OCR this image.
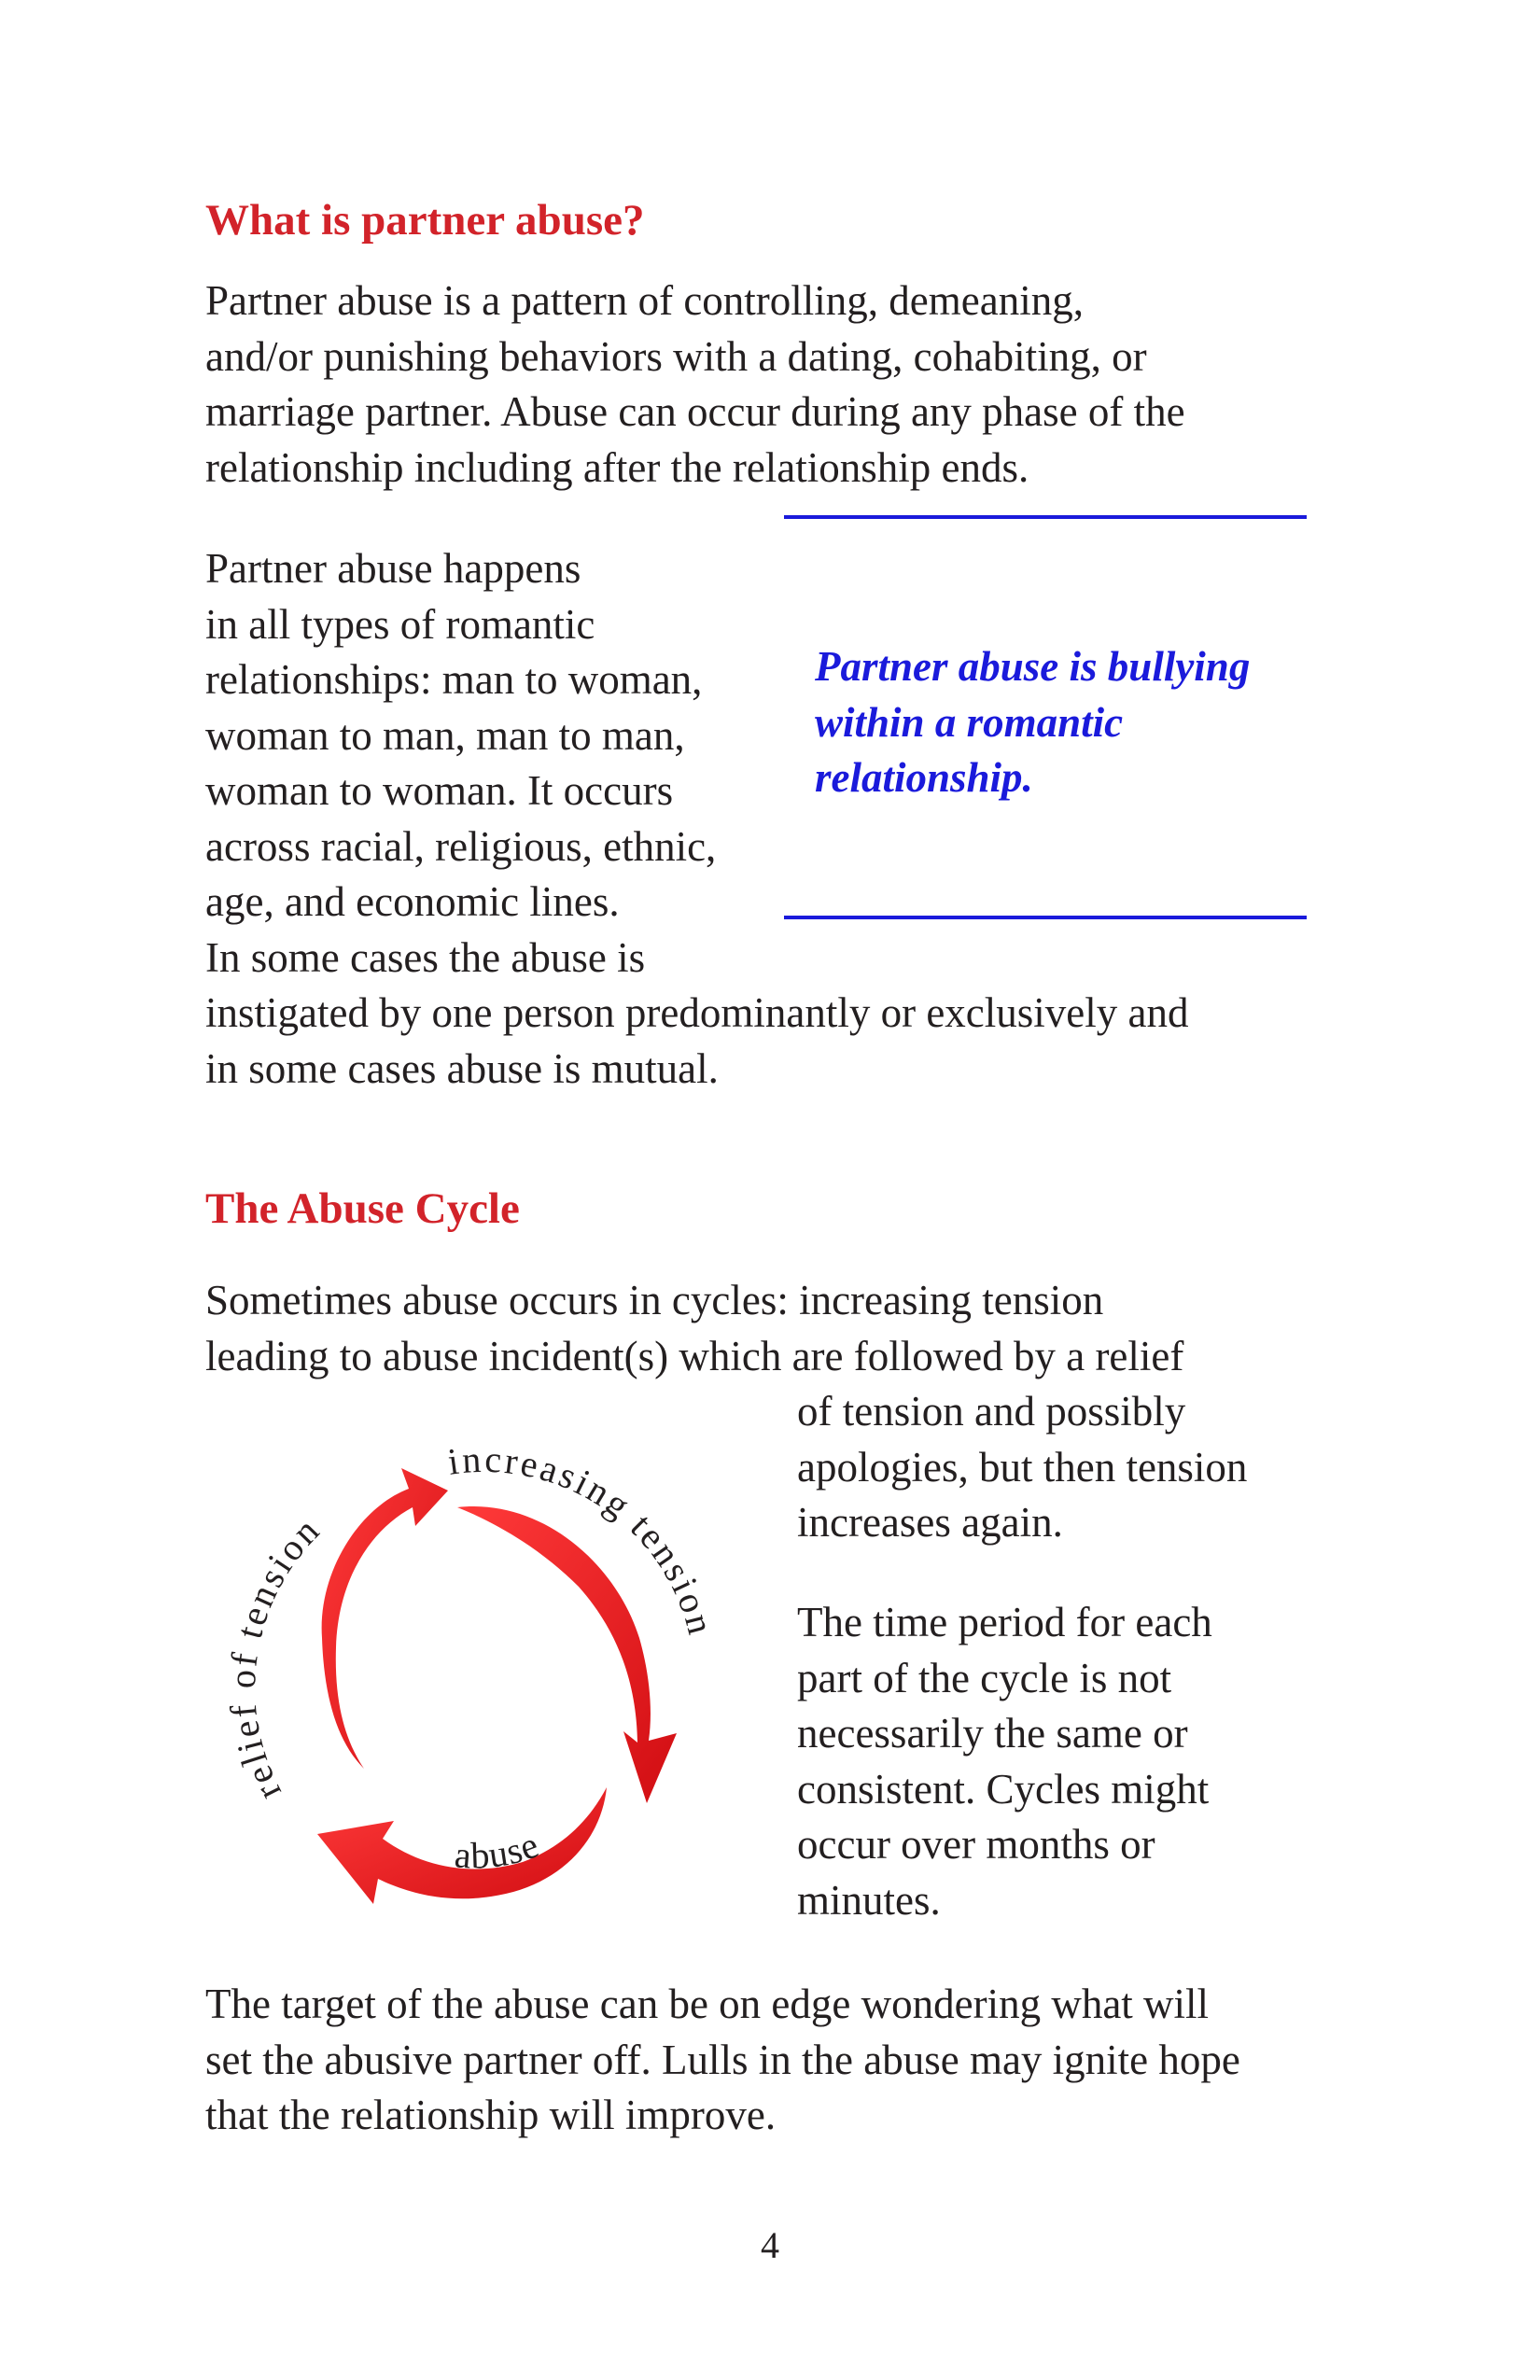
What is partner abuse?
Partner abuse is a pattern of controlling, demeaning,
and/or punishing behaviors with a dating, cohabiting, or
marriage partner. Abuse can occur during any phase of the
relationship including after the relationship ends.
Partner abuse happens
in all types of romantic
relationships: man to woman,
woman to man, man to man,
woman to woman. It occurs
across racial, religious, ethnic,
age, and economic lines.
In some cases the abuse is
instigated by one person predominantly or exclusively and
in some cases abuse is mutual.
Partner abuse is bullying
within a romantic
relationship.
The Abuse Cycle
Sometimes abuse occurs in cycles: increasing tension
leading to abuse incident(s) which are followed by a relief
of tension and possibly
apologies, but then tension
increases again.
The time period for each
part of the cycle is not
necessarily the same or
consistent. Cycles might
occur over months or
minutes.
increasing tension
relief of tension
abuse
The target of the abuse can be on edge wondering what will
set the abusive partner off. Lulls in the abuse may ignite hope
that the relationship will improve.
4
